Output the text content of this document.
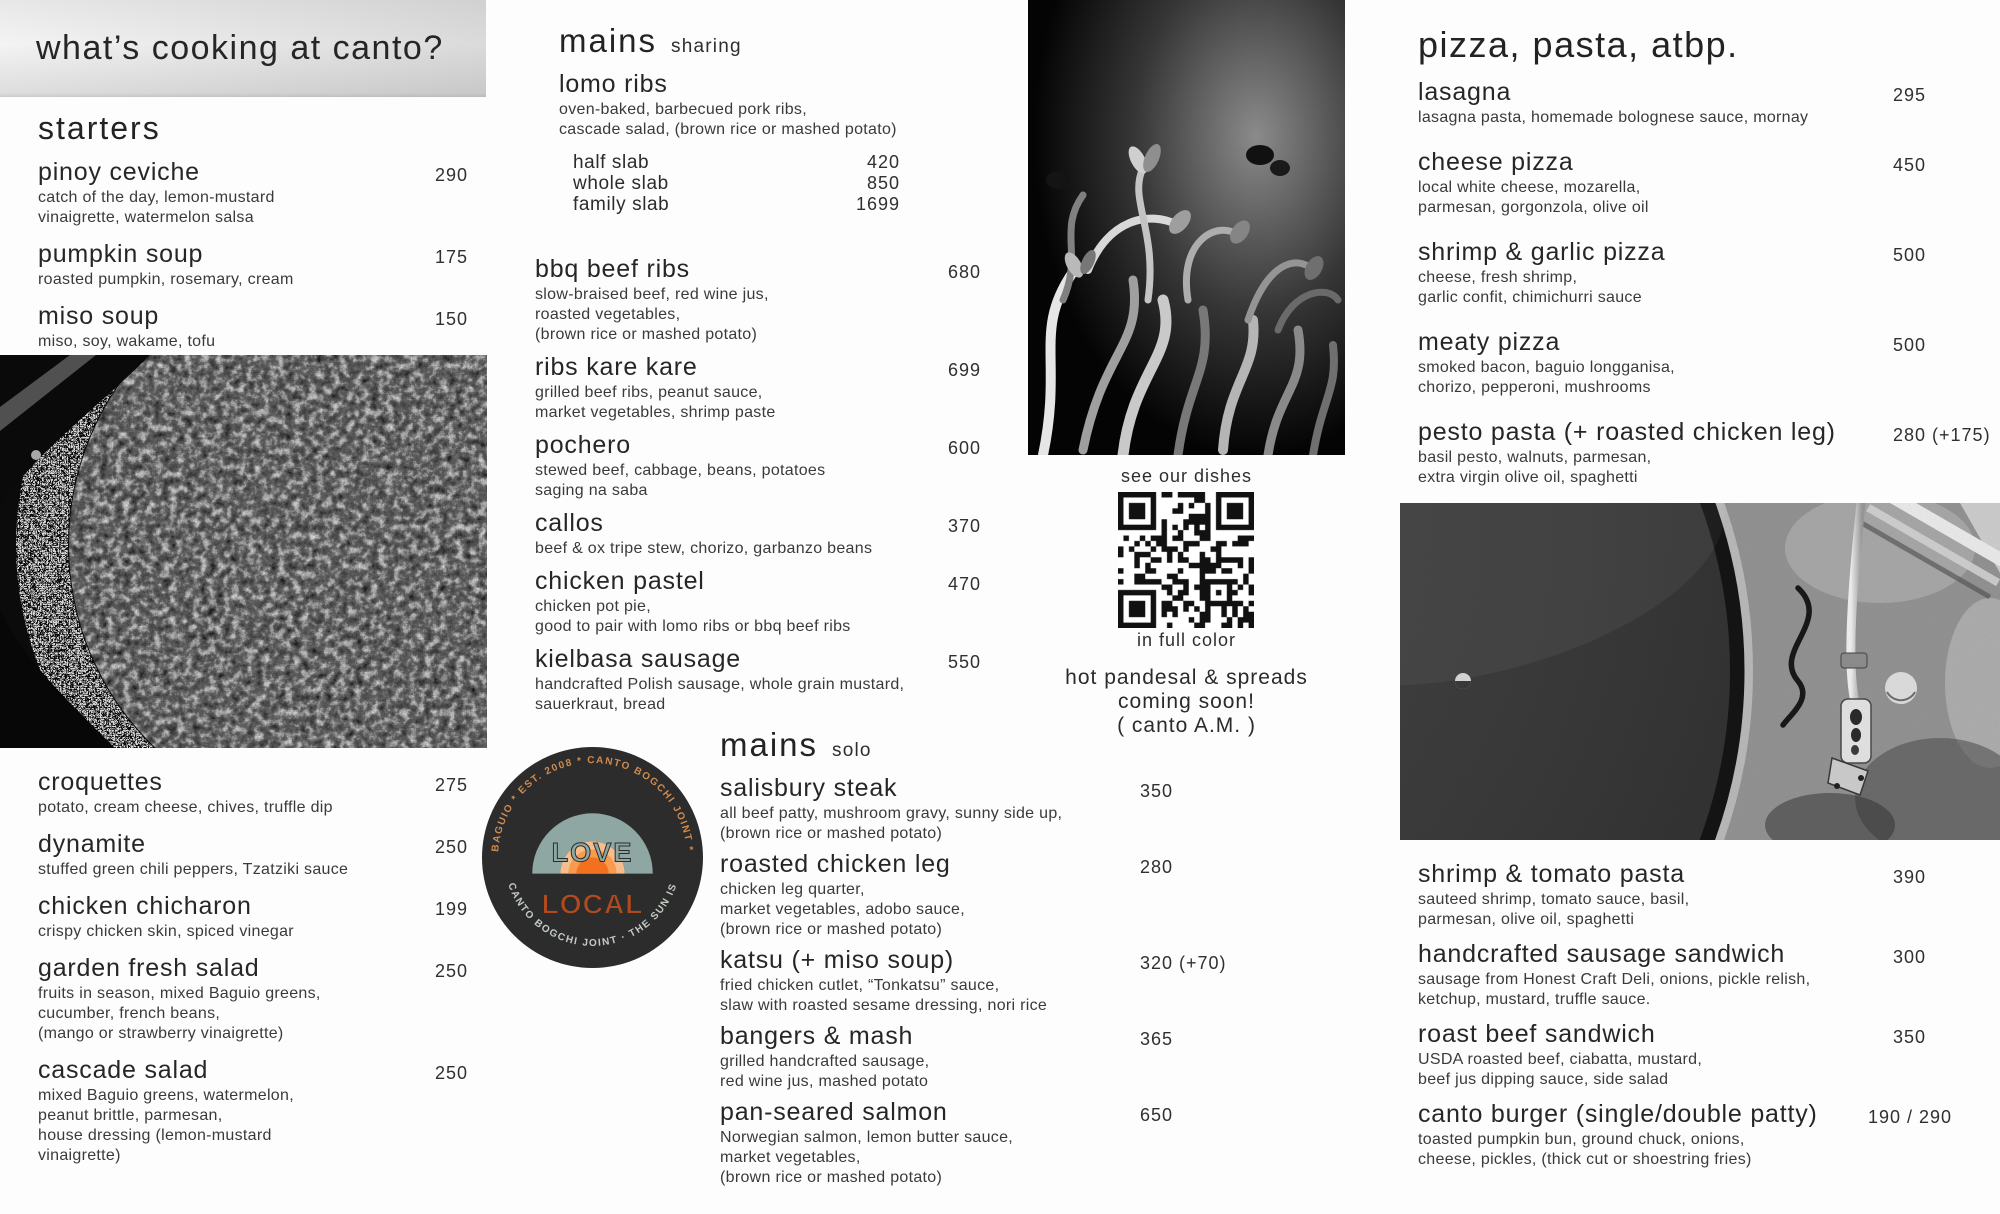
what’s cooking at canto?
starters
pinoy ceviche	290
catch of the day, lemon-mustard
vinaigrette, watermelon salsa
pumpkin soup	175
roasted pumpkin, rosemary, cream
miso soup	150
miso, soy, wakame, tofu
croquettes	275
potato, cream cheese, chives, truffle dip
dynamite	250
stuffed green chili peppers, Tzatziki sauce
chicken chicharon	199
crispy chicken skin, spiced vinegar
garden fresh salad	250
fruits in season, mixed Baguio greens,
cucumber, french beans,
(mango or strawberry vinaigrette)
cascade salad	250
mixed Baguio greens, watermelon,
peanut brittle, parmesan,
house dressing (lemon-mustard
vinaigrette)
mains sharing
lomo ribs
oven-baked, barbecued pork ribs,
cascade salad, (brown rice or mashed potato)
half slab	420
whole slab	850
family slab	1699
bbq beef ribs	680
slow-braised beef, red wine jus,
roasted vegetables,
(brown rice or mashed potato)
ribs kare kare	699
grilled beef ribs, peanut sauce,
market vegetables, shrimp paste
pochero	600
stewed beef, cabbage, beans, potatoes
saging na saba
callos	370
beef & ox tripe stew, chorizo, garbanzo beans
chicken pastel	470
chicken pot pie,
good to pair with lomo ribs or bbq beef ribs
kielbasa sausage	550
handcrafted Polish sausage, whole grain mustard,
sauerkraut, bread
mains solo
salisbury steak	350
all beef patty, mushroom gravy, sunny side up,
(brown rice or mashed potato)
roasted chicken leg	280
chicken leg quarter,
market vegetables, adobo sauce,
(brown rice or mashed potato)
katsu (+ miso soup)	320 (+70)
fried chicken cutlet, “Tonkatsu” sauce,
slaw with roasted sesame dressing, nori rice
bangers & mash	365
grilled handcrafted sausage,
red wine jus, mashed potato
pan-seared salmon	650
Norwegian salmon, lemon butter sauce,
market vegetables,
(brown rice or mashed potato)
pizza, pasta, atbp.
lasagna	295
lasagna pasta, homemade bolognese sauce, mornay
cheese pizza	450
local white cheese, mozarella,
parmesan, gorgonzola, olive oil
shrimp & garlic pizza	500
cheese, fresh shrimp,
garlic confit, chimichurri sauce
meaty pizza	500
smoked bacon, baguio longganisa,
chorizo, pepperoni, mushrooms
pesto pasta (+ roasted chicken leg)	280 (+175)
basil pesto, walnuts, parmesan,
extra virgin olive oil, spaghetti
shrimp & tomato pasta	390
sauteed shrimp, tomato sauce, basil,
parmesan, olive oil, spaghetti
handcrafted sausage sandwich	300
sausage from Honest Craft Deli, onions, pickle relish,
ketchup, mustard, truffle sauce.
roast beef sandwich	350
USDA roasted beef, ciabatta, mustard,
beef jus dipping sauce, side salad
canto burger (single/double patty)	190 / 290
toasted pumpkin bun, ground chuck, onions,
cheese, pickles, (thick cut or shoestring fries)
see our dishes
in full color
hot pandesal & spreads
coming soon!
( canto A.M. )
BAGUIO * EST. 2008 * CANTO BOGCHI JOINT *
CANTO BOGCHI JOINT · THE SUN IS
LOVE
LOCAL
